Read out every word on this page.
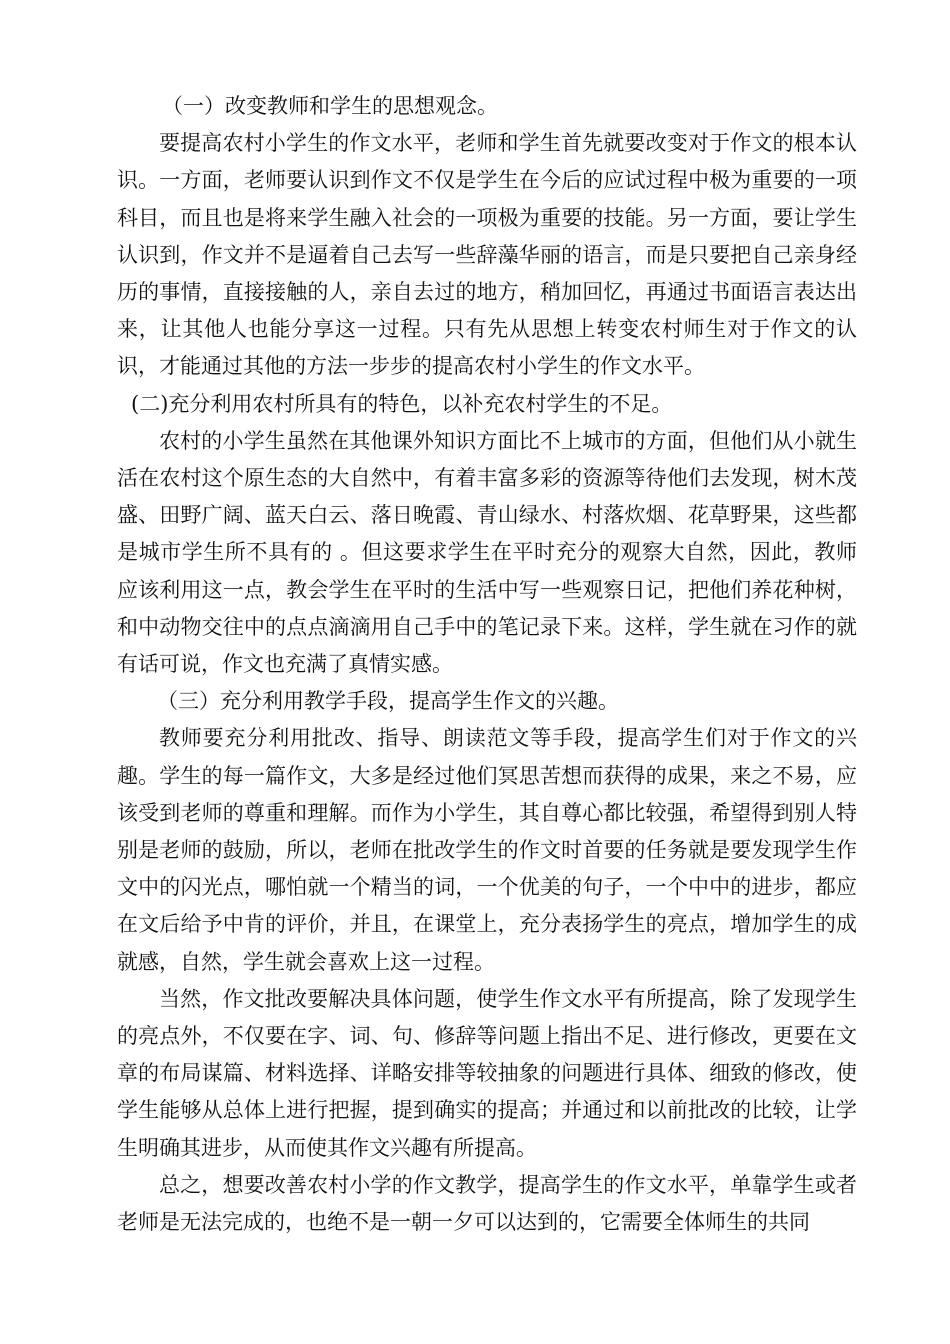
（一）改变教师和学生的思想观念。

要提高农村小学生的作文水平，老师和学生首先就要改变对于作文的根本认识。一方面，老师要认识到作文不仅是学生在今后的应试过程中极为重要的一项科目，而且也是将来学生融入社会的一项极为重要的技能。另一方面，要让学生认识到，作文并不是逼着自己去写一些辞藻华丽的语言，而是只要把自己亲身经历的事情，直接接触的人，亲自去过的地方，稍加回忆，再通过书面语言表达出来，让其他人也能分享这一过程。只有先从思想上转变农村师生对于作文的认识，才能通过其他的方法一步步的提高农村小学生的作文水平。

(二)充分利用农村所具有的特色，以补充农村学生的不足。

农村的小学生虽然在其他课外知识方面比不上城市的方面，但他们从小就生活在农村这个原生态的大自然中，有着丰富多彩的资源等待他们去发现，树木茂盛、田野广阔、蓝天白云、落日晚霞、青山绿水、村落炊烟、花草野果，这些都是城市学生所不具有的 。但这要求学生在平时充分的观察大自然，因此，教师应该利用这一点，教会学生在平时的生活中写一些观察日记，把他们养花种树，和中动物交往中的点点滴滴用自己手中的笔记录下来。这样，学生就在习作的就有话可说，作文也充满了真情实感。

（三）充分利用教学手段，提高学生作文的兴趣。

教师要充分利用批改、指导、朗读范文等手段，提高学生们对于作文的兴趣。学生的每一篇作文，大多是经过他们冥思苦想而获得的成果，来之不易，应该受到老师的尊重和理解。而作为小学生，其自尊心都比较强，希望得到别人特别是老师的鼓励，所以，老师在批改学生的作文时首要的任务就是要发现学生作文中的闪光点，哪怕就一个精当的词，一个优美的句子，一个中中的进步，都应在文后给予中肯的评价，并且，在课堂上，充分表扬学生的亮点，增加学生的成就感，自然，学生就会喜欢上这一过程。

当然，作文批改要解决具体问题，使学生作文水平有所提高，除了发现学生的亮点外，不仅要在字、词、句、修辞等问题上指出不足、进行修改，更要在文章的布局谋篇、材料选择、详略安排等较抽象的问题进行具体、细致的修改，使学生能够从总体上进行把握，提到确实的提高；并通过和以前批改的比较，让学生明确其进步，从而使其作文兴趣有所提高。

总之，想要改善农村小学的作文教学，提高学生的作文水平，单靠学生或者老师是无法完成的，也绝不是一朝一夕可以达到的，它需要全体师生的共同
